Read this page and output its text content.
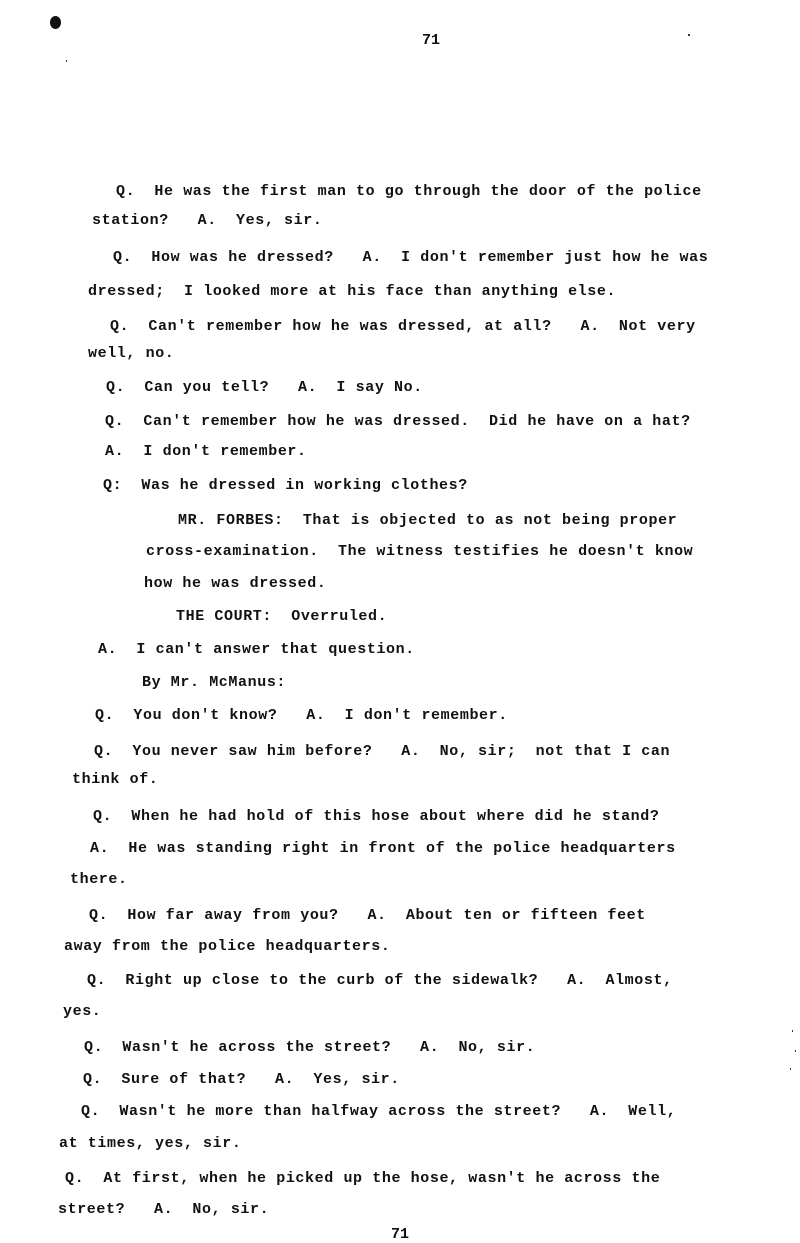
71
Q.  He was the first man to go through the door of the police
station?   A.  Yes, sir.
Q.  How was he dressed?   A.  I don't remember just how he was
dressed;  I looked more at his face than anything else.
Q.  Can't remember how he was dressed, at all?   A.  Not very
well, no.
Q.  Can you tell?   A.  I say No.
Q.  Can't remember how he was dressed.  Did he have on a hat?
A.  I don't remember.
Q:  Was he dressed in working clothes?
MR. FORBES:  That is objected to as not being proper
cross-examination.  The witness testifies he doesn't know
how he was dressed.
THE COURT:  Overruled.
A.  I can't answer that question.
By Mr. McManus:
Q.  You don't know?   A.  I don't remember.
Q.  You never saw him before?   A.  No, sir;  not that I can
think of.
Q.  When he had hold of this hose about where did he stand?
A.  He was standing right in front of the police headquarters
there.
Q.  How far away from you?   A.  About ten or fifteen feet
away from the police headquarters.
Q.  Right up close to the curb of the sidewalk?   A.  Almost,
yes.
Q.  Wasn't he across the street?   A.  No, sir.
Q.  Sure of that?   A.  Yes, sir.
Q.  Wasn't he more than halfway across the street?   A.  Well,
at times, yes, sir.
Q.  At first, when he picked up the hose, wasn't he across the
street?   A.  No, sir.
71
